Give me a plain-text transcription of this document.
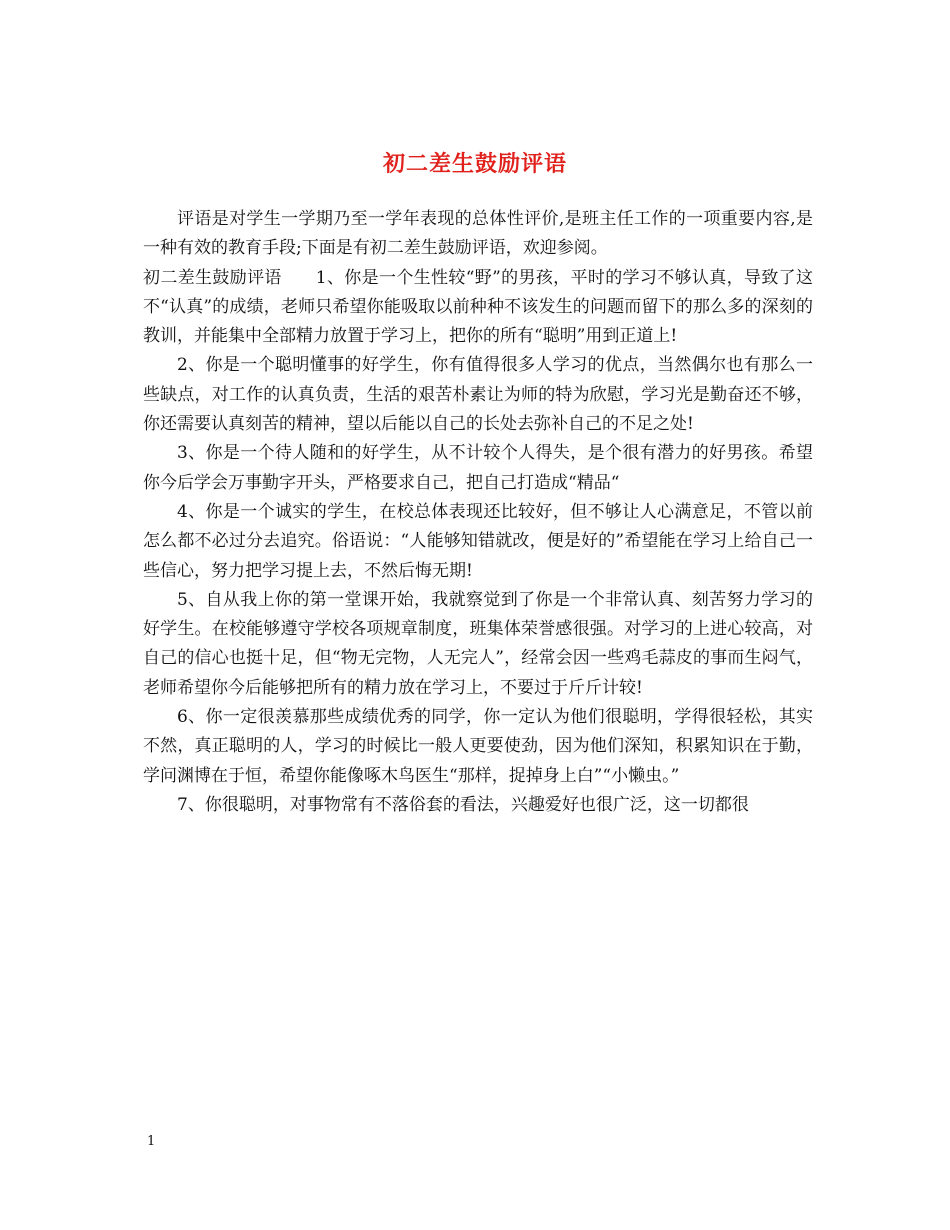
初二差生鼓励评语

评语是对学生一学期乃至一学年表现的总体性评价,是班主任工作的一项重要内容,是一种有效的教育手段;下面是有初二差生鼓励评语，欢迎参阅。

初二差生鼓励评语 1、你是一个生性较“野”的男孩，平时的学习不够认真，导致了这不“认真”的成绩，老师只希望你能吸取以前种种不该发生的问题而留下的那么多的深刻的教训，并能集中全部精力放置于学习上，把你的所有“聪明”用到正道上!

2、你是一个聪明懂事的好学生，你有值得很多人学习的优点，当然偶尔也有那么一些缺点，对工作的认真负责，生活的艰苦朴素让为师的特为欣慰，学习光是勤奋还不够，你还需要认真刻苦的精神，望以后能以自己的长处去弥补自己的不足之处!

3、你是一个待人随和的好学生，从不计较个人得失，是个很有潜力的好男孩。希望你今后学会万事勤字开头，严格要求自己，把自己打造成“精品“

4、你是一个诚实的学生，在校总体表现还比较好，但不够让人心满意足，不管以前怎么都不必过分去追究。俗语说：“人能够知错就改，便是好的”希望能在学习上给自己一些信心，努力把学习提上去，不然后悔无期!

5、自从我上你的第一堂课开始，我就察觉到了你是一个非常认真、刻苦努力学习的好学生。在校能够遵守学校各项规章制度，班集体荣誉感很强。对学习的上进心较高，对自己的信心也挺十足，但“物无完物，人无完人”，经常会因一些鸡毛蒜皮的事而生闷气，老师希望你今后能够把所有的精力放在学习上，不要过于斤斤计较!

6、你一定很羡慕那些成绩优秀的同学，你一定认为他们很聪明，学得很轻松，其实不然，真正聪明的人，学习的时候比一般人更要使劲，因为他们深知，积累知识在于勤，学问渊博在于恒，希望你能像啄木鸟医生“那样，捉掉身上白”“小懒虫。”

7、你很聪明，对事物常有不落俗套的看法，兴趣爱好也很广泛，这一切都很

1
